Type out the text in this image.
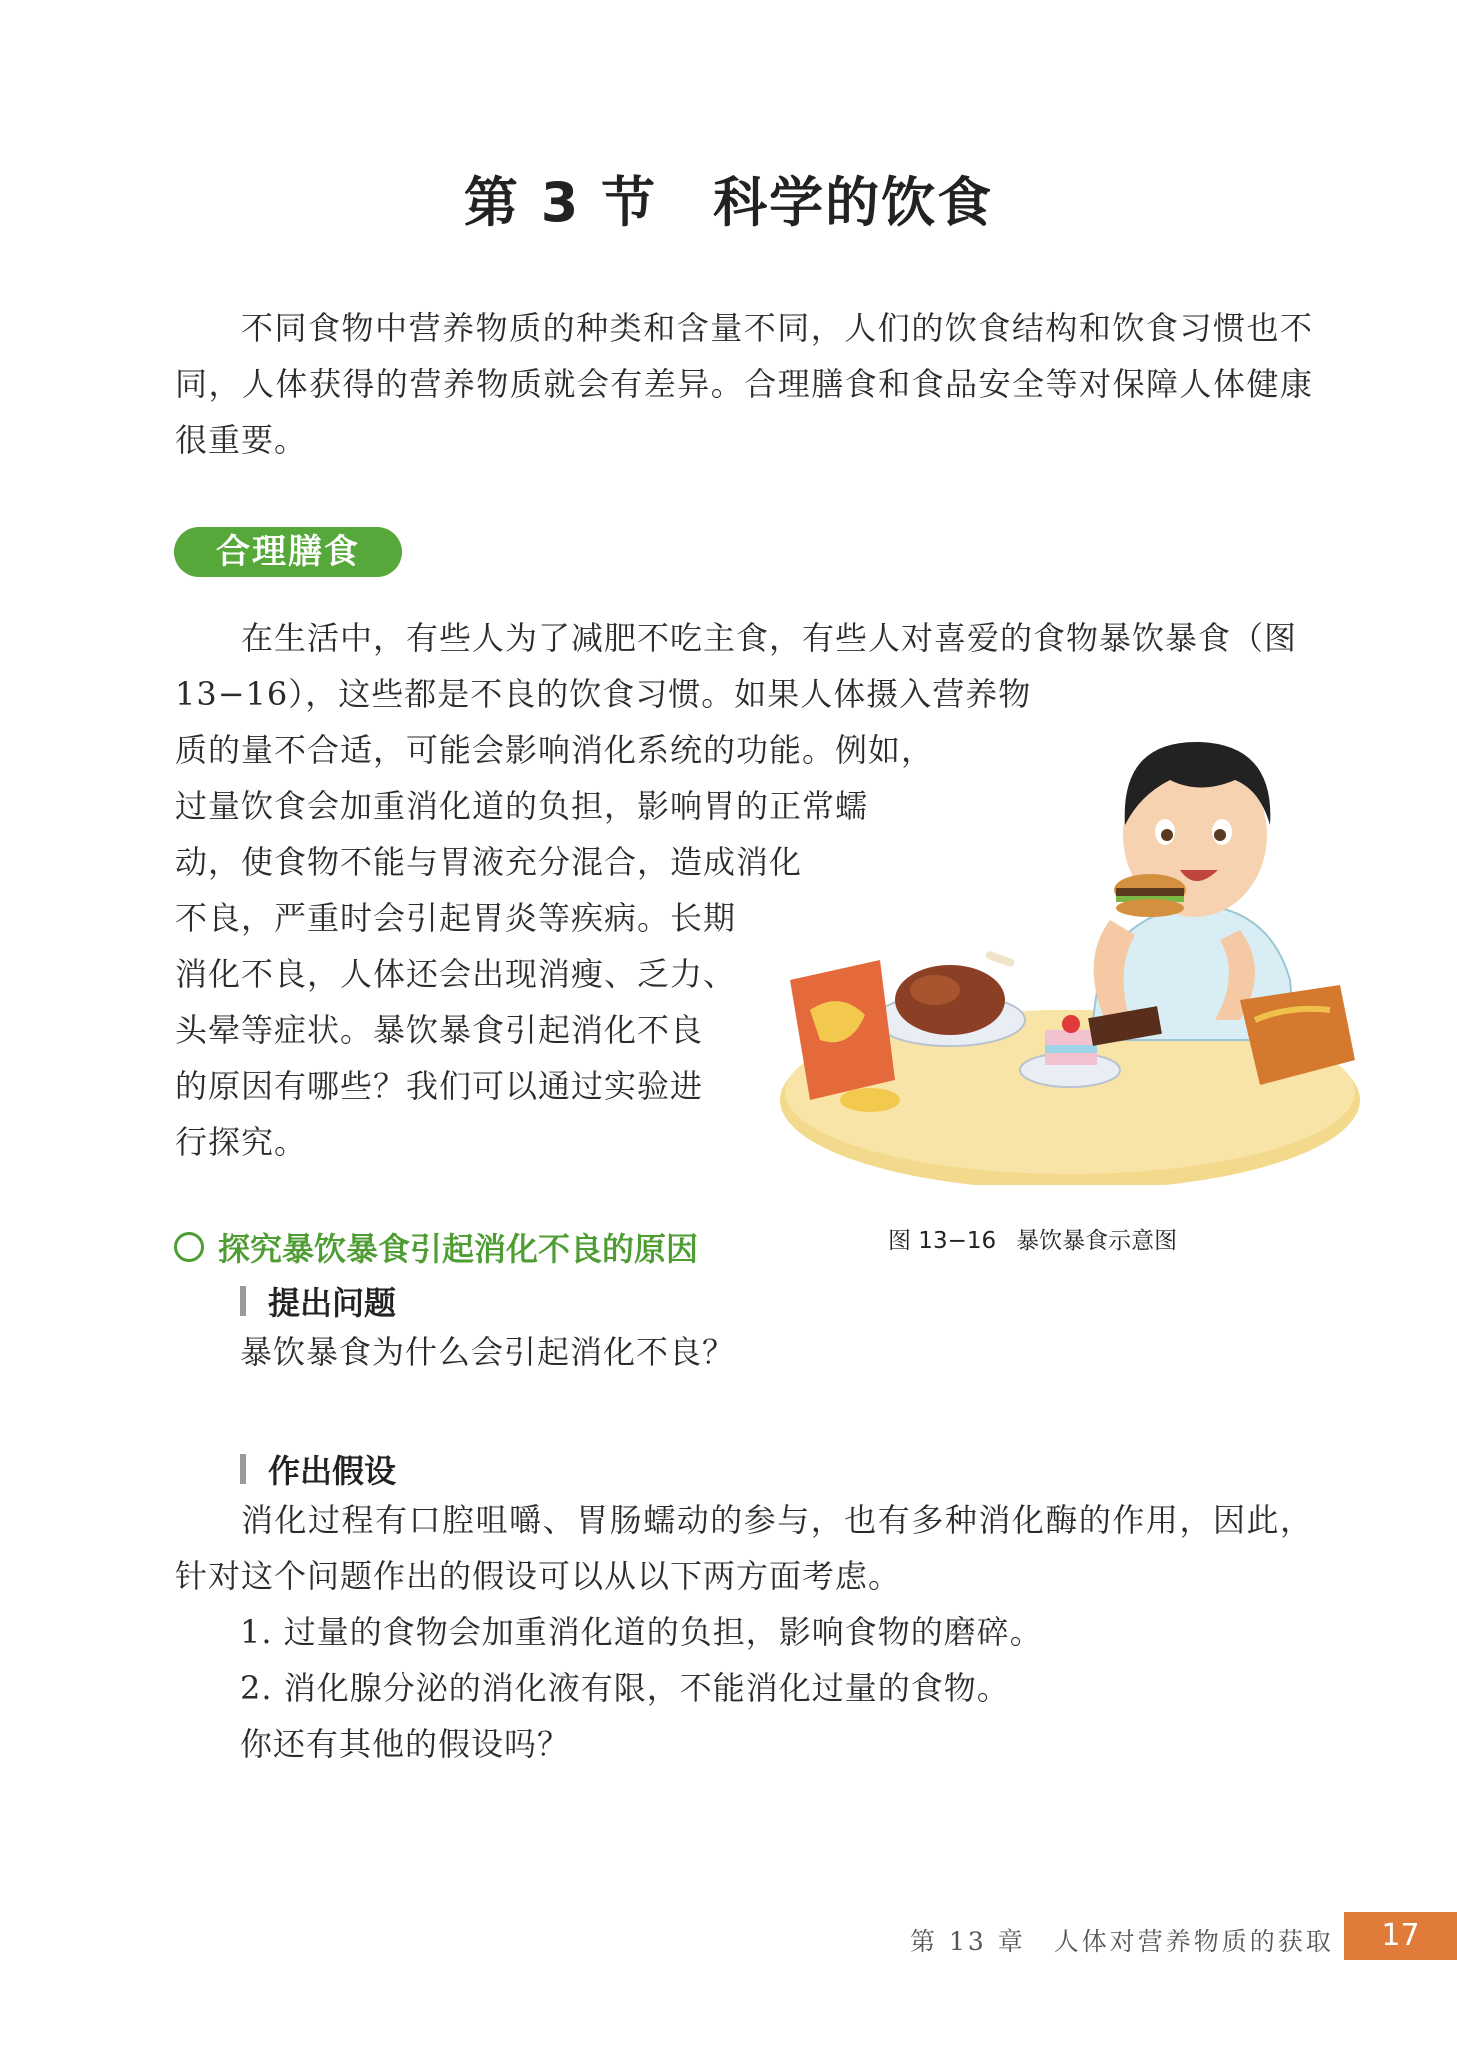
第 3 节 科学的饮食

不同食物中营养物质的种类和含量不同，人们的饮食结构和饮食习惯也不同，人体获得的营养物质就会有差异。合理膳食和食品安全等对保障人体健康很重要。

合理膳食
在生活中，有些人为了减肥不吃主食，有些人对喜爱的食物暴饮暴食（图
13−16），这些都是不良的饮食习惯。如果人体摄入营养物
质的量不合适，可能会影响消化系统的功能。例如，
过量饮食会加重消化道的负担，影响胃的正常蠕
动，使食物不能与胃液充分混合，造成消化
不良，严重时会引起胃炎等疾病。长期
消化不良，人体还会出现消瘦、乏力、
头晕等症状。暴饮暴食引起消化不良
的原因有哪些？我们可以通过实验进
行探究。
图 13−16 暴饮暴食示意图
探究暴饮暴食引起消化不良的原因
提出问题

暴饮暴食为什么会引起消化不良？

作出假设

消化过程有口腔咀嚼、胃肠蠕动的参与，也有多种消化酶的作用，因此，针对这个问题作出的假设可以从以下两方面考虑。

1. 过量的食物会加重消化道的负担，影响食物的磨碎。

2. 消化腺分泌的消化液有限，不能消化过量的食物。

你还有其他的假设吗？

第 13 章　人体对营养物质的获取	17
